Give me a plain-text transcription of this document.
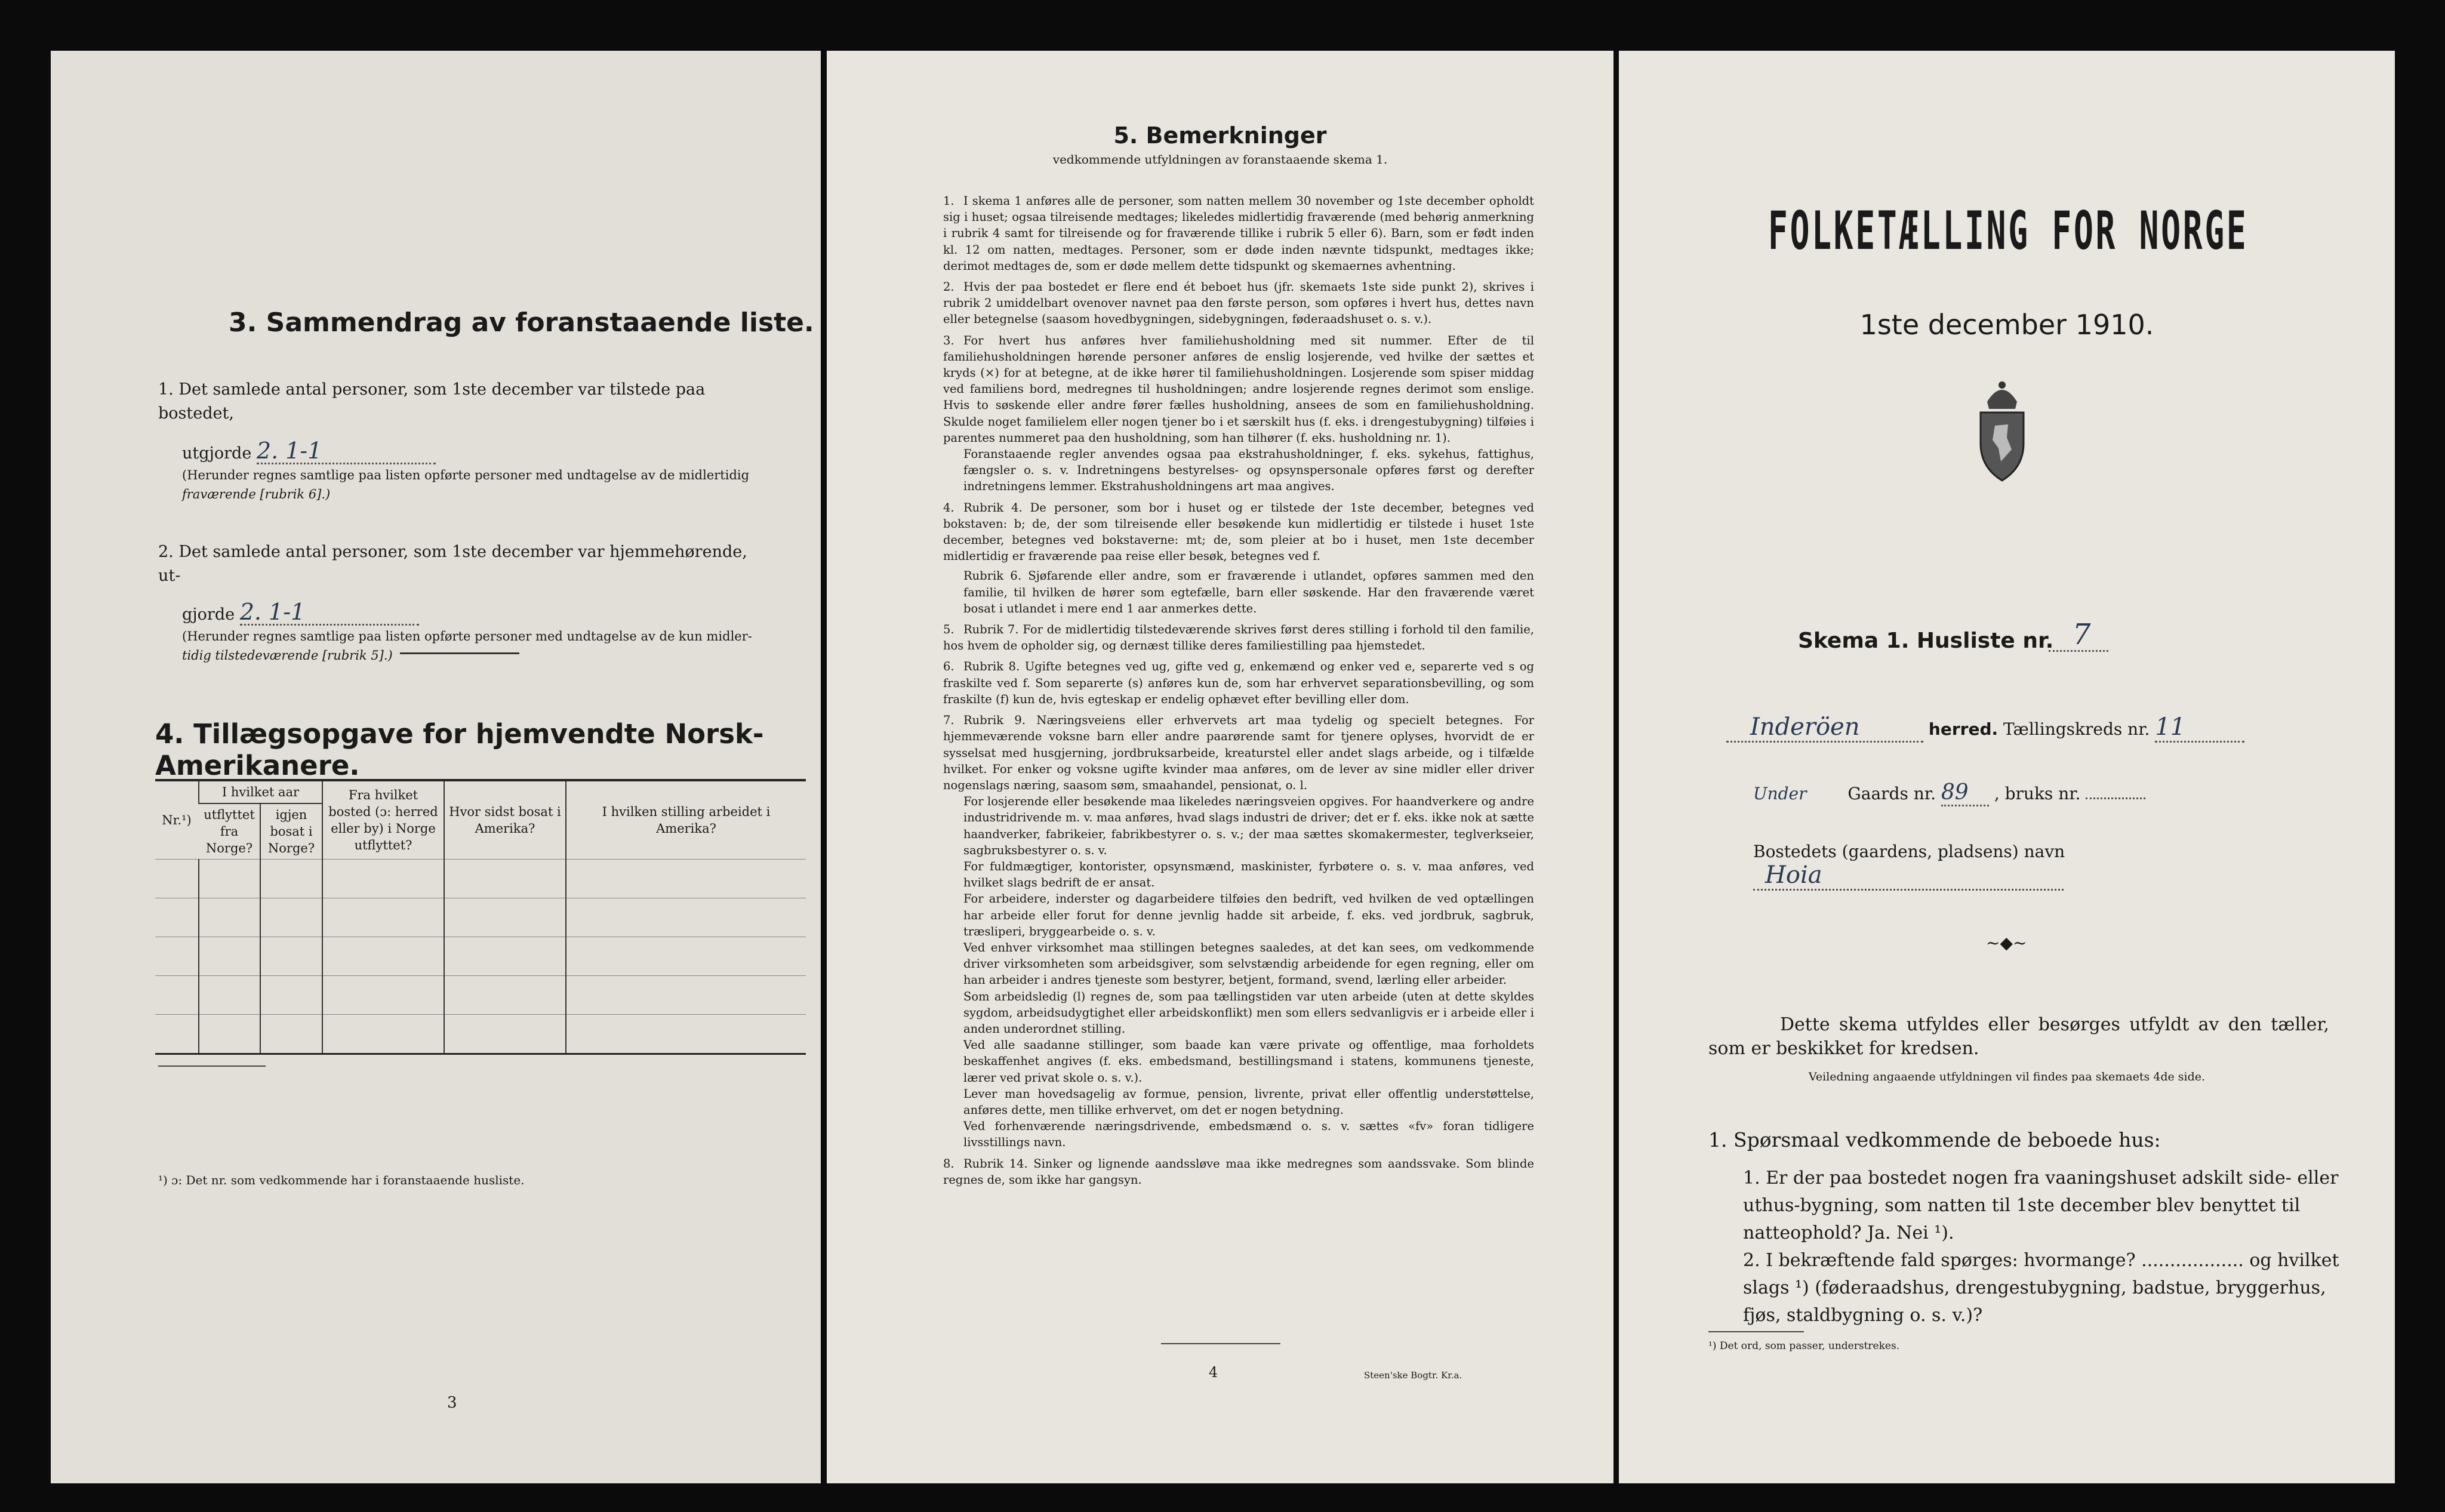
3. Sammendrag av foranstaaende liste.
1. Det samlede antal personer, som 1ste december var tilstede paa bostedet,
utgjorde 2. 1-1
(Herunder regnes samtlige paa listen opførte personer med undtagelse av de midlertidig
fraværende [rubrik 6].)
2. Det samlede antal personer, som 1ste december var hjemmehørende, ut-
gjorde 2. 1-1
(Herunder regnes samtlige paa listen opførte personer med undtagelse av de kun midler-
tidig tilstedeværende [rubrik 5].)
4. Tillægsopgave for hjemvendte Norsk-Amerikanere.
Nr.¹)	I hvilket aar		Fra hvilket bosted (ɔ: herred eller by) i Norge utflyttet?	Hvor sidst bosat i Amerika?	I hvilken stilling arbeidet i Amerika?
	utflyttet fra Norge?	igjen bosat i Norge?			

¹) ɔ: Det nr. som vedkommende har i foranstaaende husliste.
3
5. Bemerkninger
vedkommende utfyldningen av foranstaaende skema 1.

1. I skema 1 anføres alle de personer, som natten mellem 30 november og 1ste december opholdt sig i huset; ogsaa tilreisende medtages; likeledes midlertidig fraværende (med behørig anmerkning i rubrik 4 samt for tilreisende og for fraværende tillike i rubrik 5 eller 6). Barn, som er født inden kl. 12 om natten, medtages. Personer, som er døde inden nævnte tidspunkt, medtages ikke; derimot medtages de, som er døde mellem dette tidspunkt og skemaernes avhentning.

2. Hvis der paa bostedet er flere end ét beboet hus (jfr. skemaets 1ste side punkt 2), skrives i rubrik 2 umiddelbart ovenover navnet paa den første person, som opføres i hvert hus, dettes navn eller betegnelse (saasom hovedbygningen, sidebygningen, føderaadshuset o. s. v.).

3. For hvert hus anføres hver familiehusholdning med sit nummer. Efter de til familiehusholdningen hørende personer anføres de enslig losjerende, ved hvilke der sættes et kryds (×) for at betegne, at de ikke hører til familiehusholdningen. Losjerende som spiser middag ved familiens bord, medregnes til husholdningen; andre losjerende regnes derimot som enslige. Hvis to søskende eller andre fører fælles husholdning, ansees de som en familiehusholdning. Skulde noget familielem eller nogen tjener bo i et særskilt hus (f. eks. i drengestubygning) tilføies i parentes nummeret paa den husholdning, som han tilhører (f. eks. husholdning nr. 1).

Foranstaaende regler anvendes ogsaa paa ekstrahusholdninger, f. eks. sykehus, fattighus, fængsler o. s. v. Indretningens bestyrelses- og opsynspersonale opføres først og derefter indretningens lemmer. Ekstrahusholdningens art maa angives.

4. Rubrik 4. De personer, som bor i huset og er tilstede der 1ste december, betegnes ved bokstaven: b; de, der som tilreisende eller besøkende kun midlertidig er tilstede i huset 1ste december, betegnes ved bokstaverne: mt; de, som pleier at bo i huset, men 1ste december midlertidig er fraværende paa reise eller besøk, betegnes ved f.

Rubrik 6. Sjøfarende eller andre, som er fraværende i utlandet, opføres sammen med den familie, til hvilken de hører som egtefælle, barn eller søskende. Har den fraværende været bosat i utlandet i mere end 1 aar anmerkes dette.

5. Rubrik 7. For de midlertidig tilstedeværende skrives først deres stilling i forhold til den familie, hos hvem de opholder sig, og dernæst tillike deres familiestilling paa hjemstedet.

6. Rubrik 8. Ugifte betegnes ved ug, gifte ved g, enkemænd og enker ved e, separerte ved s og fraskilte ved f. Som separerte (s) anføres kun de, som har erhvervet separationsbevilling, og som fraskilte (f) kun de, hvis egteskap er endelig ophævet efter bevilling eller dom.

7. Rubrik 9. Næringsveiens eller erhvervets art maa tydelig og specielt betegnes. For hjemmeværende voksne barn eller andre paarørende samt for tjenere oplyses, hvorvidt de er sysselsat med husgjerning, jordbruksarbeide, kreaturstel eller andet slags arbeide, og i tilfælde hvilket. For enker og voksne ugifte kvinder maa anføres, om de lever av sine midler eller driver nogenslags næring, saasom søm, smaahandel, pensionat, o. l.

For losjerende eller besøkende maa likeledes næringsveien opgives. For haandverkere og andre industridrivende m. v. maa anføres, hvad slags industri de driver; det er f. eks. ikke nok at sætte haandverker, fabrikeier, fabrikbestyrer o. s. v.; der maa sættes skomakermester, teglverkseier, sagbruksbestyrer o. s. v.

For fuldmægtiger, kontorister, opsynsmænd, maskinister, fyrbøtere o. s. v. maa anføres, ved hvilket slags bedrift de er ansat.

For arbeidere, inderster og dagarbeidere tilføies den bedrift, ved hvilken de ved optællingen har arbeide eller forut for denne jevnlig hadde sit arbeide, f. eks. ved jordbruk, sagbruk, træsliperi, bryggearbeide o. s. v.

Ved enhver virksomhet maa stillingen betegnes saaledes, at det kan sees, om vedkommende driver virksomheten som arbeidsgiver, som selvstændig arbeidende for egen regning, eller om han arbeider i andres tjeneste som bestyrer, betjent, formand, svend, lærling eller arbeider.

Som arbeidsledig (l) regnes de, som paa tællingstiden var uten arbeide (uten at dette skyldes sygdom, arbeidsudygtighet eller arbeidskonflikt) men som ellers sedvanligvis er i arbeide eller i anden underordnet stilling.

Ved alle saadanne stillinger, som baade kan være private og offentlige, maa forholdets beskaffenhet angives (f. eks. embedsmand, bestillingsmand i statens, kommunens tjeneste, lærer ved privat skole o. s. v.).

Lever man hovedsagelig av formue, pension, livrente, privat eller offentlig understøttelse, anføres dette, men tillike erhvervet, om det er nogen betydning.

Ved forhenværende næringsdrivende, embedsmænd o. s. v. sættes «fv» foran tidligere livsstillings navn.

8. Rubrik 14. Sinker og lignende aandssløve maa ikke medregnes som aandssvake. Som blinde regnes de, som ikke har gangsyn.

4	Steen'ske Bogtr. Kr.a.
FOLKETÆLLING FOR NORGE
1ste december 1910.
Skema 1. Husliste nr. 7
Inderöen	herred. Tællingskreds nr. 11
Under Gaards nr. 89 , bruks nr.
Bostedets (gaardens, pladsens) navn Hoia
~◆~
Dette skema utfyldes eller besørges utfyldt av den tæller, som er beskikket for kredsen.
Veiledning angaaende utfyldningen vil findes paa skemaets 4de side.
1. Spørsmaal vedkommende de beboede hus:
1. Er der paa bostedet nogen fra vaaningshuset adskilt side- eller uthus-bygning, som natten til 1ste december blev benyttet til natteophold? Ja. Nei ¹).
2. I bekræftende fald spørges: hvormange? .................. og hvilket slags ¹) (føderaadshus, drengestubygning, badstue, bryggerhus, fjøs, staldbygning o. s. v.)?
¹) Det ord, som passer, understrekes.
